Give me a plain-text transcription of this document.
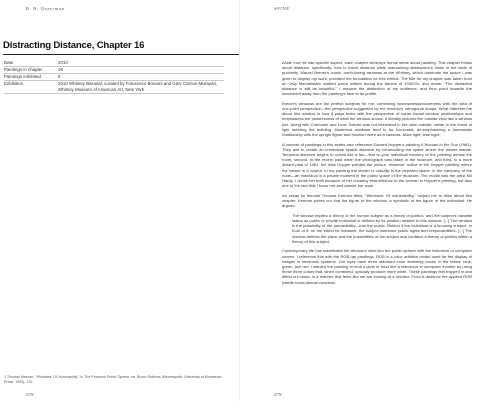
R. H. Quaytman
Distracting Distance, Chapter 16
Date	2010
Paintings in chapter	29
Paintings exhibited	9
Exhibition	2010 Whitney Biennial, curated by Francesco Bonami and Gary Carrion-Murayari, Whitney Museum of American Art, New York
1 Thomas Keenan, "Windows: Of Vulnerability," in The Phantom Public Sphere, ed. Bruce Robbins (Minneapolis: University of Minnesota Press, 1993), 132.
278
SPINE

Aside from its site-specific aspect, each chapter develops formal ideas about painting. This chapter thinks about distance, specifically, how to insert distance while maintaining abstraction's claim to the facts of proximity. Marcel Breuer's iconic, north-facing windows at the Whitney, which dominate the space I was given to display my work, provided the foundation for this exhibit. The title for my chapter was taken from an Osip Mandelstam untitled poem written during the famine of 1932/33, and reads: "The distracted distance is still as beautiful." I assume the distinction of my audience, and thus point towards the movement away from the painting's face to its profile.

Breuer's windows are the perfect subjects for me, combining windowness/pictureness with the idea of one-point perspective—the perspective suggested by the window's orthogonal shape. What interests me about this window is how it plays tricks with the perspective of usual frontal window relationships and emphasizes the picturesness of what the window shows. It literally pictures the outside view like a window jiun. Along with Corbusier and Loos, Breuer was not interested in the view outside, rather in the event of light entering the building. Modernist windows tend to be horizontal, de-emphasizing a humanistic relationship with the upright figure and function more as a caesura. More light, less sight.

A number of paintings in this series also reference Edward Hopper's painting A Woman in the Sun (1961). They aim to create an immediate spatial distance by constructing the space where the viewer stands. Temporal distance begins to unfold like a fan—first to your individual memory of the painting across the room, second, to the recent past when the photograph was taken in the museum, and third, to a more distant past of 1961, the date Hopper painted the picture. However, unlike in the Hopper painting where the viewer is a voyeur, in my painting the viewer is virtually in the depicted space, in the company of the nude—an individual in a private moment in the public space of the museum. The model was the artist Kili Hardy. I chose her both because of her uncanny resemblance to the woman in Hopper's painting, but also due to the fact that I know her and admire her work.

An essay by theorist Thomas Keenan titled, "Windows: Of Vulnerability," helped me to think about this chapter. Keenan points out that the figure of the window, a symbolic of the figure of the individual. He argues:

The window implies a theory of the human subject as a theory of politics, and the subject's variable status as public or private individual is defined by its position relative to this window. [...] The window is the possibility of the permeability—into the public. Behind it the individual is a knowing subject. In front of it, on the street for instance, the subject assumes public rights and responsibilities. [...] The window defines the place and the possibilities of the subject and contains a theory of politics within a theory of this subject.

Contemporary life has substituted the window's view into the public sphere with the television or computer screen. I reference this with the RGB ray paintings. RGB is a color additive model used for the display of images in electronic systems. Our eyes have three standard color detecting cones in the retina: blue, green, and red. I wanted the painting to emit a glow or buzz like a television or computer monitor by using these three colors that, when combined, optically produce more white. These paintings feel trapped in and affect our vision in a manner that feels like we are looking at a monitor. From a distance the applied RGB palette looks almost colorless.

279
